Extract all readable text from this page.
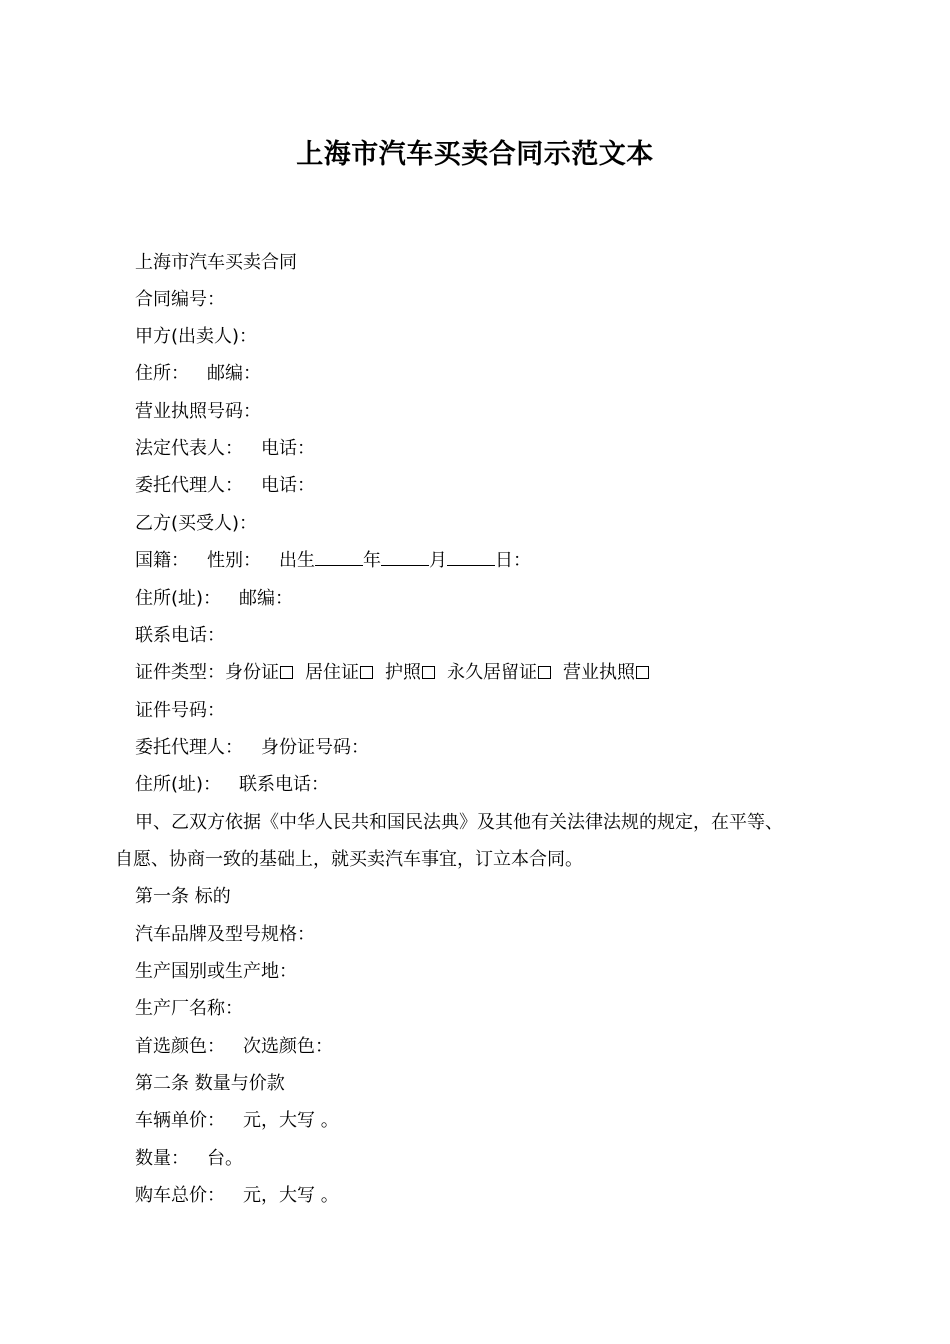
上海市汽车买卖合同示范文本
上海市汽车买卖合同
合同编号：
甲方(出卖人)：
住所： 邮编：
营业执照号码：
法定代表人： 电话：
委托代理人： 电话：
乙方(买受人)：
国籍： 性别： 出生	年	月	日：
住所(址)： 邮编：
联系电话：
证件类型：身份证 居住证 护照 永久居留证 营业执照
证件号码：
委托代理人： 身份证号码：
住所(址)： 联系电话：
甲、乙双方依据《中华人民共和国民法典》及其他有关法律法规的规定，在平等、
自愿、协商一致的基础上，就买卖汽车事宜，订立本合同。
第一条 标的
汽车品牌及型号规格：
生产国别或生产地：
生产厂名称：
首选颜色： 次选颜色：
第二条 数量与价款
车辆单价： 元，大写 。
数量： 台。
购车总价： 元，大写 。
